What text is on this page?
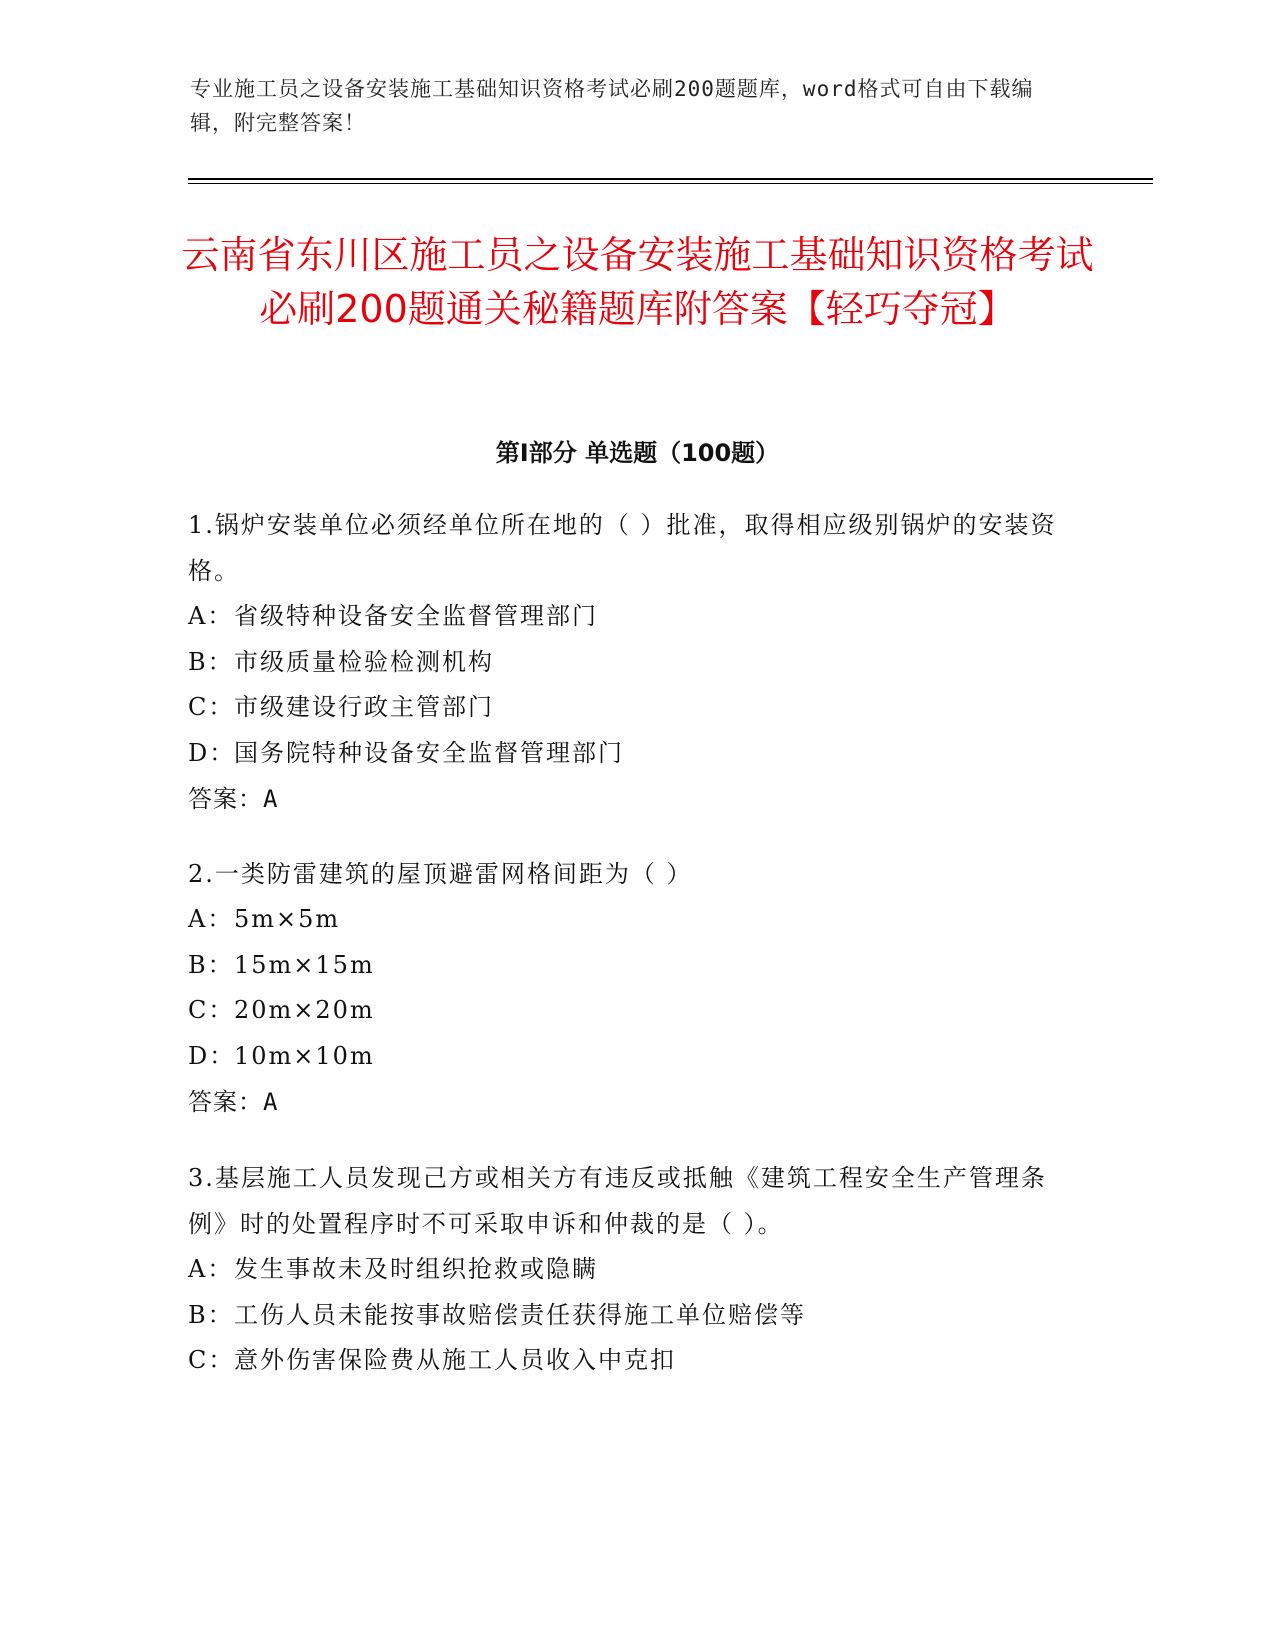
专业施工员之设备安装施工基础知识资格考试必刷200题题库，word格式可自由下载编辑，附完整答案！
云南省东川区施工员之设备安装施工基础知识资格考试必刷200题通关秘籍题库附答案【轻巧夺冠】
第I部分 单选题（100题）
1.锅炉安装单位必须经单位所在地的（ ）批准，取得相应级别锅炉的安装资格。
A：省级特种设备安全监督管理部门
B：市级质量检验检测机构
C：市级建设行政主管部门
D：国务院特种设备安全监督管理部门
答案：A
2.一类防雷建筑的屋顶避雷网格间距为（ ）
A：5m×5m
B：15m×15m
C：20m×20m
D：10m×10m
答案：A
3.基层施工人员发现己方或相关方有违反或抵触《建筑工程安全生产管理条例》时的处置程序时不可采取申诉和仲裁的是（ ）。
A：发生事故未及时组织抢救或隐瞒
B：工伤人员未能按事故赔偿责任获得施工单位赔偿等
C：意外伤害保险费从施工人员收入中克扣
